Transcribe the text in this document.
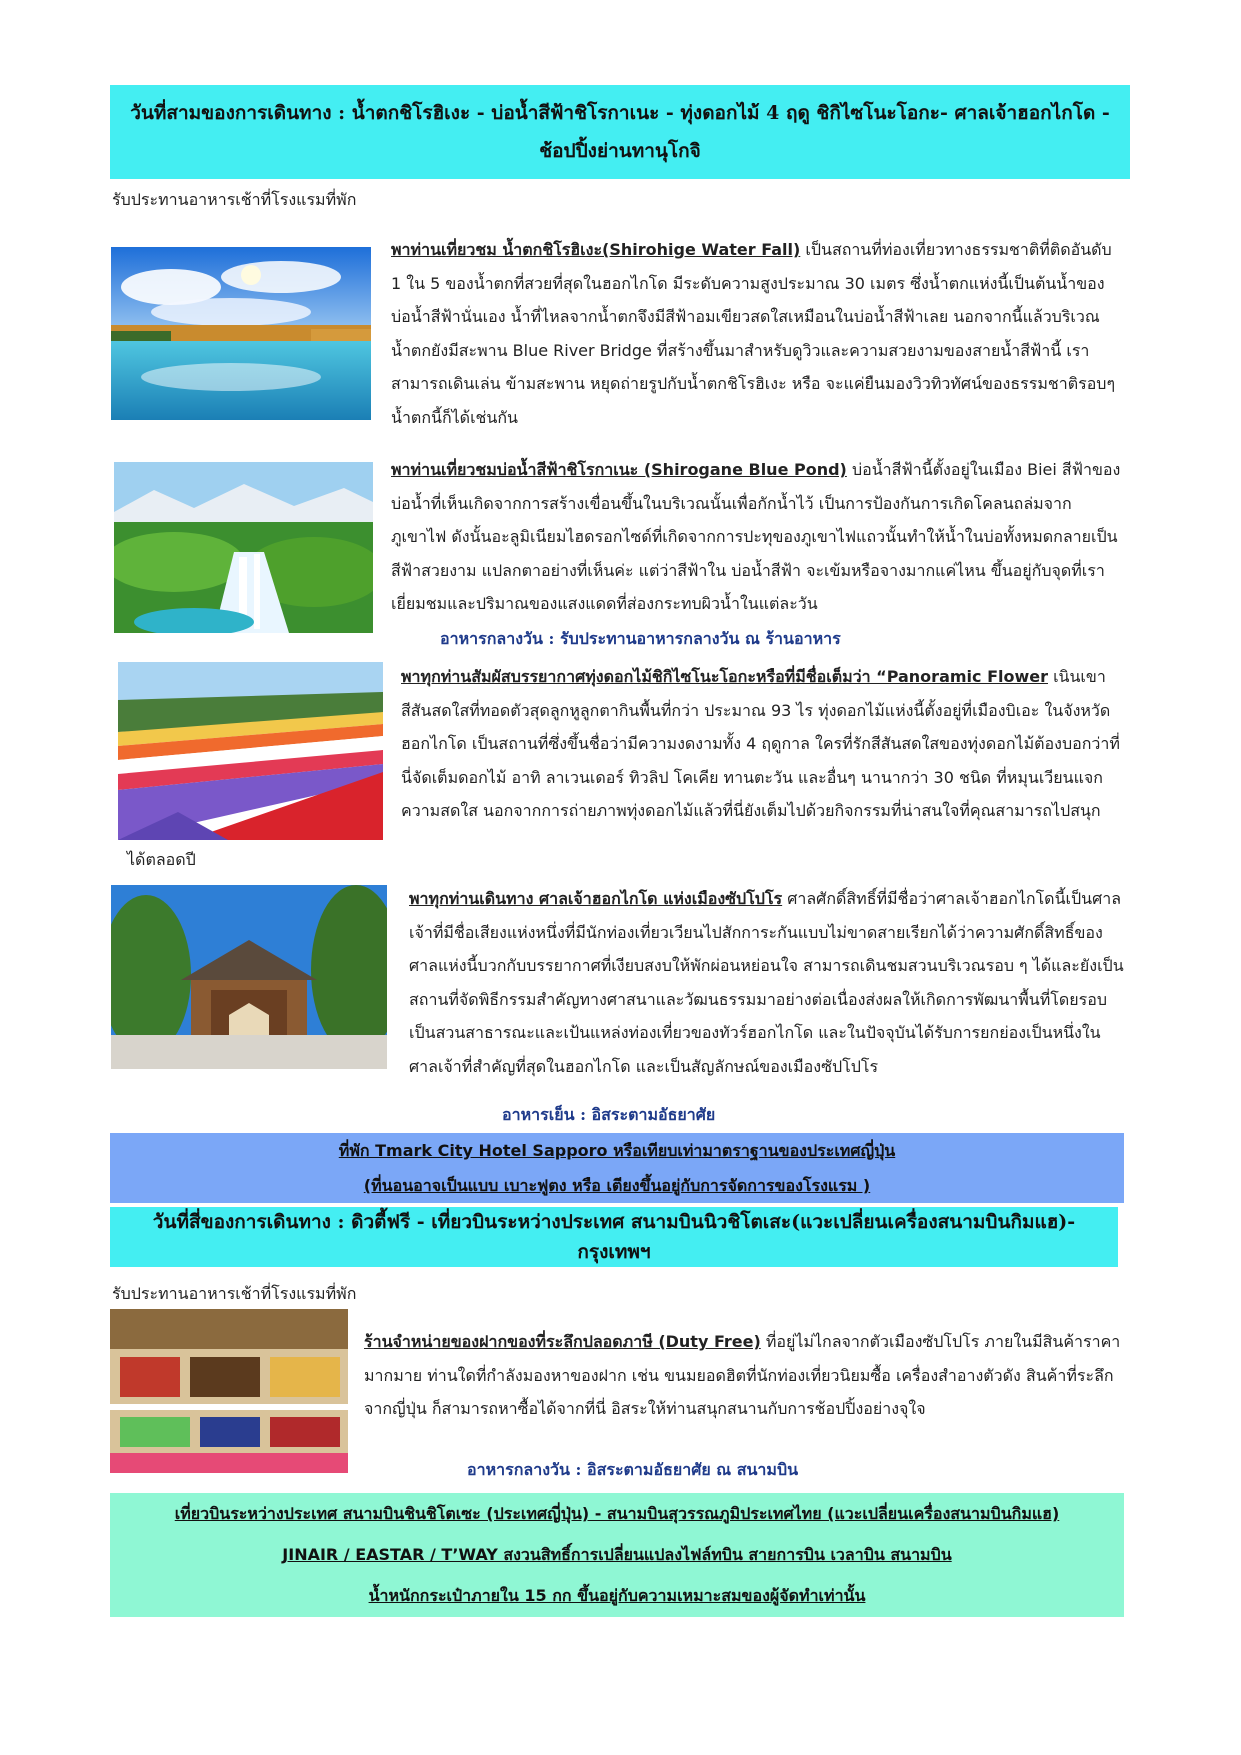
วันที่สามของการเดินทาง : น้ำตกชิโรฮิเงะ - บ่อน้ำสีฟ้าชิโรกาเนะ - ทุ่งดอกไม้ 4 ฤดู ชิกิไซโนะโอกะ- ศาลเจ้าฮอกไกโด - ช้อปปิ้งย่านทานุโกจิ
รับประทานอาหารเช้าที่โรงแรมที่พัก
พาท่านเที่ยวชม น้ำตกชิโรฮิเงะ(Shirohige Water Fall) เป็นสถานที่ท่องเที่ยวทางธรรมชาติที่ติดอันดับ 1 ใน 5 ของน้ำตกที่สวยที่สุดในฮอกไกโด มีระดับความสูงประมาณ 30 เมตร ซึ่งน้ำตกแห่งนี้เป็นต้นน้ำของบ่อน้ำสีฟ้านั่นเอง น้ำที่ไหลจากน้ำตกจึงมีสีฟ้าอมเขียวสดใสเหมือนในบ่อน้ำสีฟ้าเลย นอกจากนี้แล้วบริเวณน้ำตกยังมีสะพาน Blue River Bridge ที่สร้างขึ้นมาสำหรับดูวิวและความสวยงามของสายน้ำสีฟ้านี้ เราสามารถเดินเล่น ข้ามสะพาน หยุดถ่ายรูปกับน้ำตกชิโรฮิเงะ หรือ จะแค่ยืนมองวิวทิวทัศน์ของธรรมชาติรอบๆ น้ำตกนี้ก็ได้เช่นกัน
พาท่านเที่ยวชมบ่อน้ำสีฟ้าชิโรกาเนะ (Shirogane Blue Pond) บ่อน้ำสีฟ้านี้ตั้งอยู่ในเมือง Biei สีฟ้าของบ่อน้ำที่เห็นเกิดจากการสร้างเขื่อนขึ้นในบริเวณนั้นเพื่อกักน้ำไว้ เป็นการป้องกันการเกิดโคลนถล่มจากภูเขาไฟ ดังนั้นอะลูมิเนียมไฮดรอกไซด์ที่เกิดจากการปะทุของภูเขาไฟแถวนั้นทำให้น้ำในบ่อทั้งหมดกลายเป็นสีฟ้าสวยงาม แปลกตาอย่างที่เห็นค่ะ แต่ว่าสีฟ้าใน บ่อน้ำสีฟ้า จะเข้มหรือจางมากแค่ไหน ขึ้นอยู่กับจุดที่เราเยี่ยมชมและปริมาณของแสงแดดที่ส่องกระทบผิวน้ำในแต่ละวัน
อาหารกลางวัน : รับประทานอาหารกลางวัน ณ ร้านอาหาร
พาทุกท่านสัมผัสบรรยากาศทุ่งดอกไม้ชิกิไซโนะโอกะหรือที่มีชื่อเต็มว่า “Panoramic Flower เนินเขาสีสันสดใสที่ทอดตัวสุดลูกหูลูกตากินพื้นที่กว่า ประมาณ 93 ไร ทุ่งดอกไม้แห่งนี้ตั้งอยู่ที่เมืองบิเอะ ในจังหวัดฮอกไกโด เป็นสถานที่ซึ่งขึ้นชื่อว่ามีความงดงามทั้ง 4 ฤดูกาล ใครที่รักสีสันสดใสของทุ่งดอกไม้ต้องบอกว่าที่นี่จัดเต็มดอกไม้ อาทิ ลาเวนเดอร์ ทิวลิป โคเคีย ทานตะวัน และอื่นๆ นานากว่า 30 ชนิด ที่หมุนเวียนแจกความสดใส นอกจากการถ่ายภาพทุ่งดอกไม้แล้วที่นี่ยังเต็มไปด้วยกิจกรรมที่น่าสนใจที่คุณสามารถไปสนุก
ได้ตลอดปี
พาทุกท่านเดินทาง ศาลเจ้าฮอกไกโด แห่งเมืองซัปโปโร ศาลศักดิ์สิทธิ์ที่มีชื่อว่าศาลเจ้าฮอกไกโดนี้เป็นศาลเจ้าที่มีชื่อเสียงแห่งหนึ่งที่มีนักท่องเที่ยวเวียนไปสักการะกันแบบไม่ขาดสายเรียกได้ว่าความศักดิ์สิทธิ์ของศาลแห่งนี้บวกกับบรรยากาศที่เงียบสงบให้พักผ่อนหย่อนใจ สามารถเดินชมสวนบริเวณรอบ ๆ ได้และยังเป็นสถานที่จัดพิธีกรรมสำคัญทางศาสนาและวัฒนธรรมมาอย่างต่อเนื่องส่งผลให้เกิดการพัฒนาพื้นที่โดยรอบเป็นสวนสาธารณะและเป้นแหล่งท่องเที่ยวของทัวร์ฮอกไกโด และในปัจจุบันได้รับการยกย่องเป็นหนึ่งในศาลเจ้าที่สำคัญที่สุดในฮอกไกโด และเป็นสัญลักษณ์ของเมืองซัปโปโร
อาหารเย็น : อิสระตามอัธยาศัย
ที่พัก Tmark City Hotel Sapporo หรือเทียบเท่ามาตราฐานของประเทศญี่ปุ่น
(ที่นอนอาจเป็นแบบ เบาะฟูตง หรือ เตียงขึ้นอยู่กับการจัดการของโรงแรม )
วันที่สี่ของการเดินทาง : ดิวตี้ฟรี - เที่ยวบินระหว่างประเทศ สนามบินนิวชิโตเสะ(แวะเปลี่ยนเครื่องสนามบินกิมแฮ)-กรุงเทพฯ
รับประทานอาหารเช้าที่โรงแรมที่พัก
ร้านจำหน่ายของฝากของที่ระลึกปลอดภาษี (Duty Free) ที่อยู่ไม่ไกลจากตัวเมืองซัปโปโร ภายในมีสินค้าราคามากมาย ท่านใดที่กำลังมองหาของฝาก เช่น ขนมยอดฮิตที่นักท่องเที่ยวนิยมซื้อ เครื่องสำอางตัวดัง สินค้าที่ระลึกจากญี่ปุ่น ก็สามารถหาซื้อได้จากที่นี่ อิสระให้ท่านสนุกสนานกับการช้อปปิ้งอย่างจุใจ
อาหารกลางวัน : อิสระตามอัธยาศัย ณ สนามบิน
เที่ยวบินระหว่างประเทศ สนามบินชินชิโตเซะ (ประเทศญี่ปุ่น) - สนามบินสุวรรณภูมิประเทศไทย (แวะเปลี่ยนเครื่องสนามบินกิมแฮ)
JINAIR / EASTAR / T’WAY สงวนสิทธิ์การเปลี่ยนแปลงไฟล์ทบิน สายการบิน เวลาบิน สนามบิน
น้ำหนักกระเป๋าภายใน 15 กก ขึ้นอยู่กับความเหมาะสมของผู้จัดทำเท่านั้น
